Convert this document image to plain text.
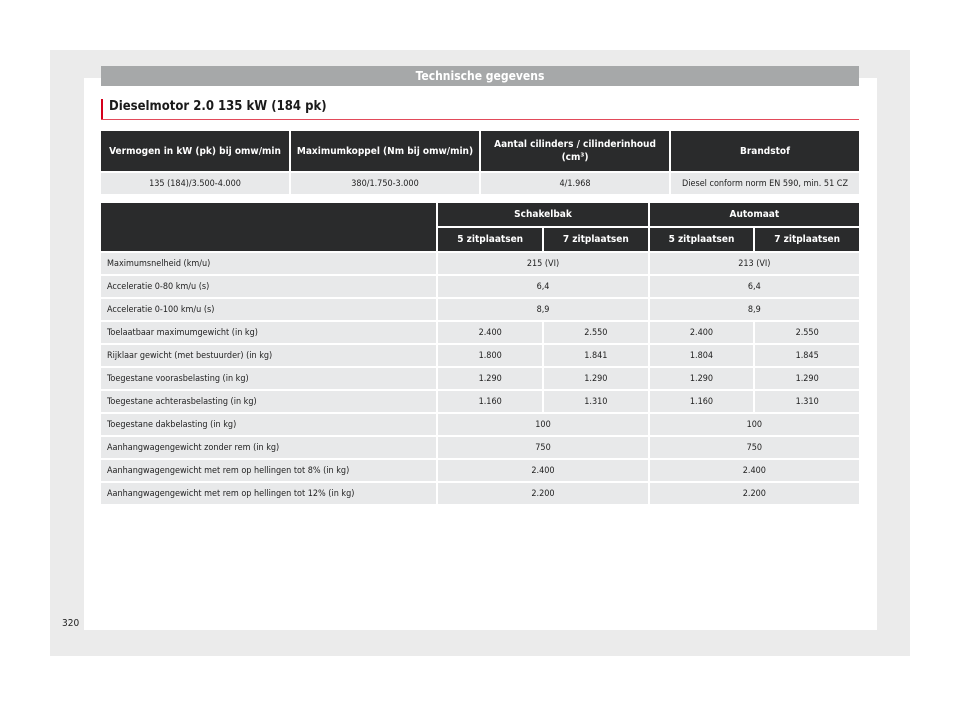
Technische gegevens
Dieselmotor 2.0 135 kW (184 pk)
Vermogen in kW (pk) bij omw/min	Maximumkoppel (Nm bij omw/min)	Aantal cilinders / cilinderinhoud (cm³)	Brandstof
135 (184)/3.500-4.000	380/1.750-3.000	4/1.968	Diesel conform norm EN 590, min. 51 CZ
	Schakelbak		Automaat	
	5 zitplaatsen	7 zitplaatsen	5 zitplaatsen	7 zitplaatsen
Maximumsnelheid (km/u)	215 (VI)		213 (VI)	
Acceleratie 0-80 km/u (s)	6,4		6,4	
Acceleratie 0-100 km/u (s)	8,9		8,9	
Toelaatbaar maximumgewicht (in kg)	2.400	2.550	2.400	2.550
Rijklaar gewicht (met bestuurder) (in kg)	1.800	1.841	1.804	1.845
Toegestane voorasbelasting (in kg)	1.290	1.290	1.290	1.290
Toegestane achterasbelasting (in kg)	1.160	1.310	1.160	1.310
Toegestane dakbelasting (in kg)	100		100	
Aanhangwagengewicht zonder rem (in kg)	750		750	
Aanhangwagengewicht met rem op hellingen tot 8% (in kg)	2.400		2.400	
Aanhangwagengewicht met rem op hellingen tot 12% (in kg)	2.200		2.200	
320
